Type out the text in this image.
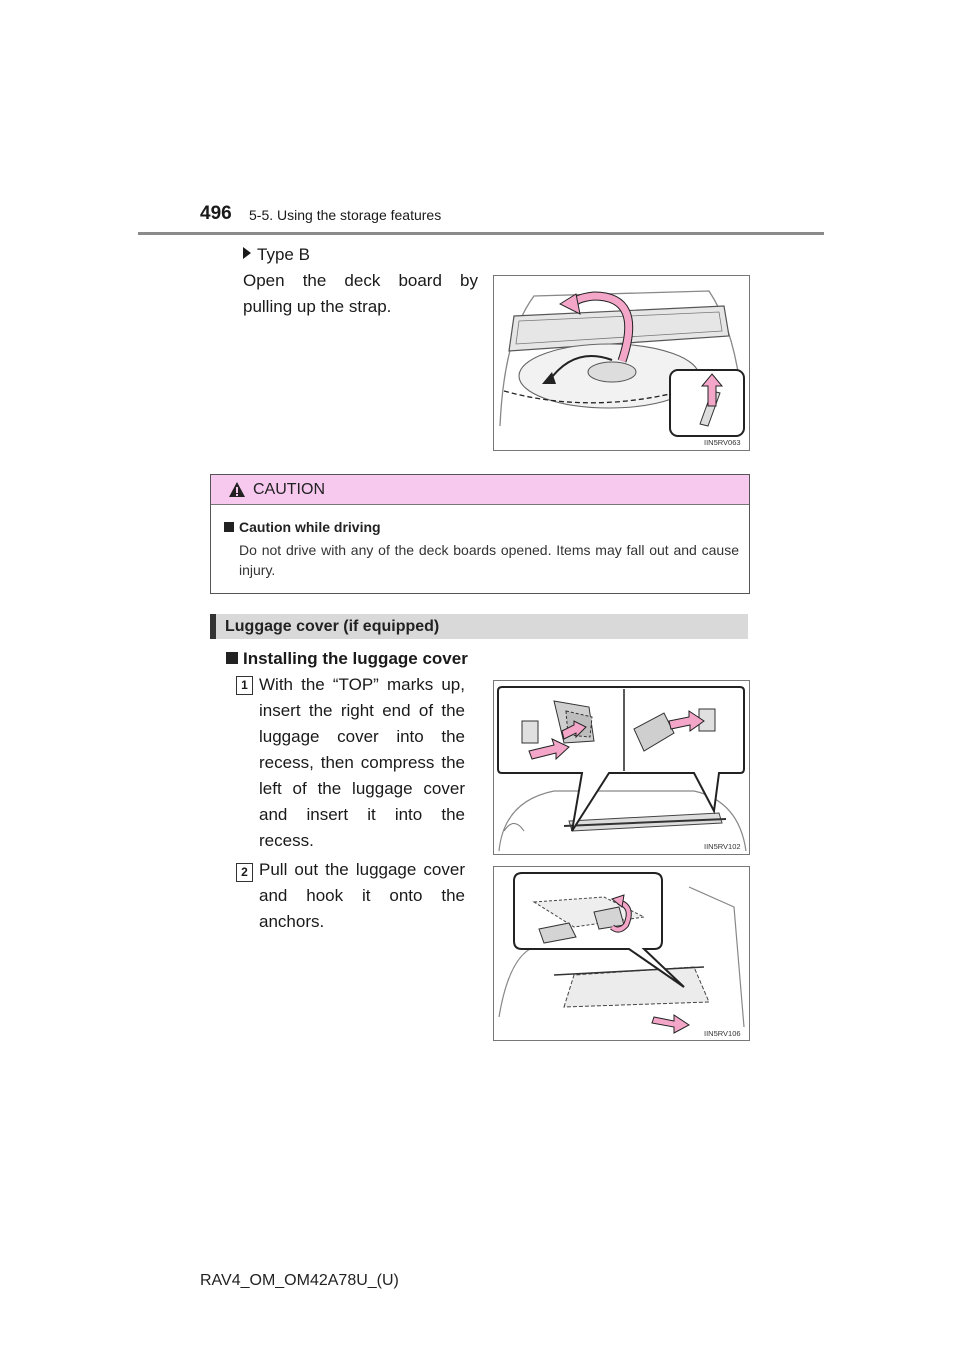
496 5-5. Using the storage features
Type B
Open the deck board by pulling up the strap.
IIN5RV063
CAUTION
Caution while driving
Do not drive with any of the deck boards opened. Items may fall out and cause injury.
Luggage cover (if equipped)
Installing the luggage cover
1 With the “TOP” marks up, insert the right end of the luggage cover into the recess, then compress the left of the luggage cover and insert it into the recess.	IIN5RV102
2 Pull out the luggage cover and hook it onto the anchors.
IIN5RV106
RAV4_OM_OM42A78U_(U)
